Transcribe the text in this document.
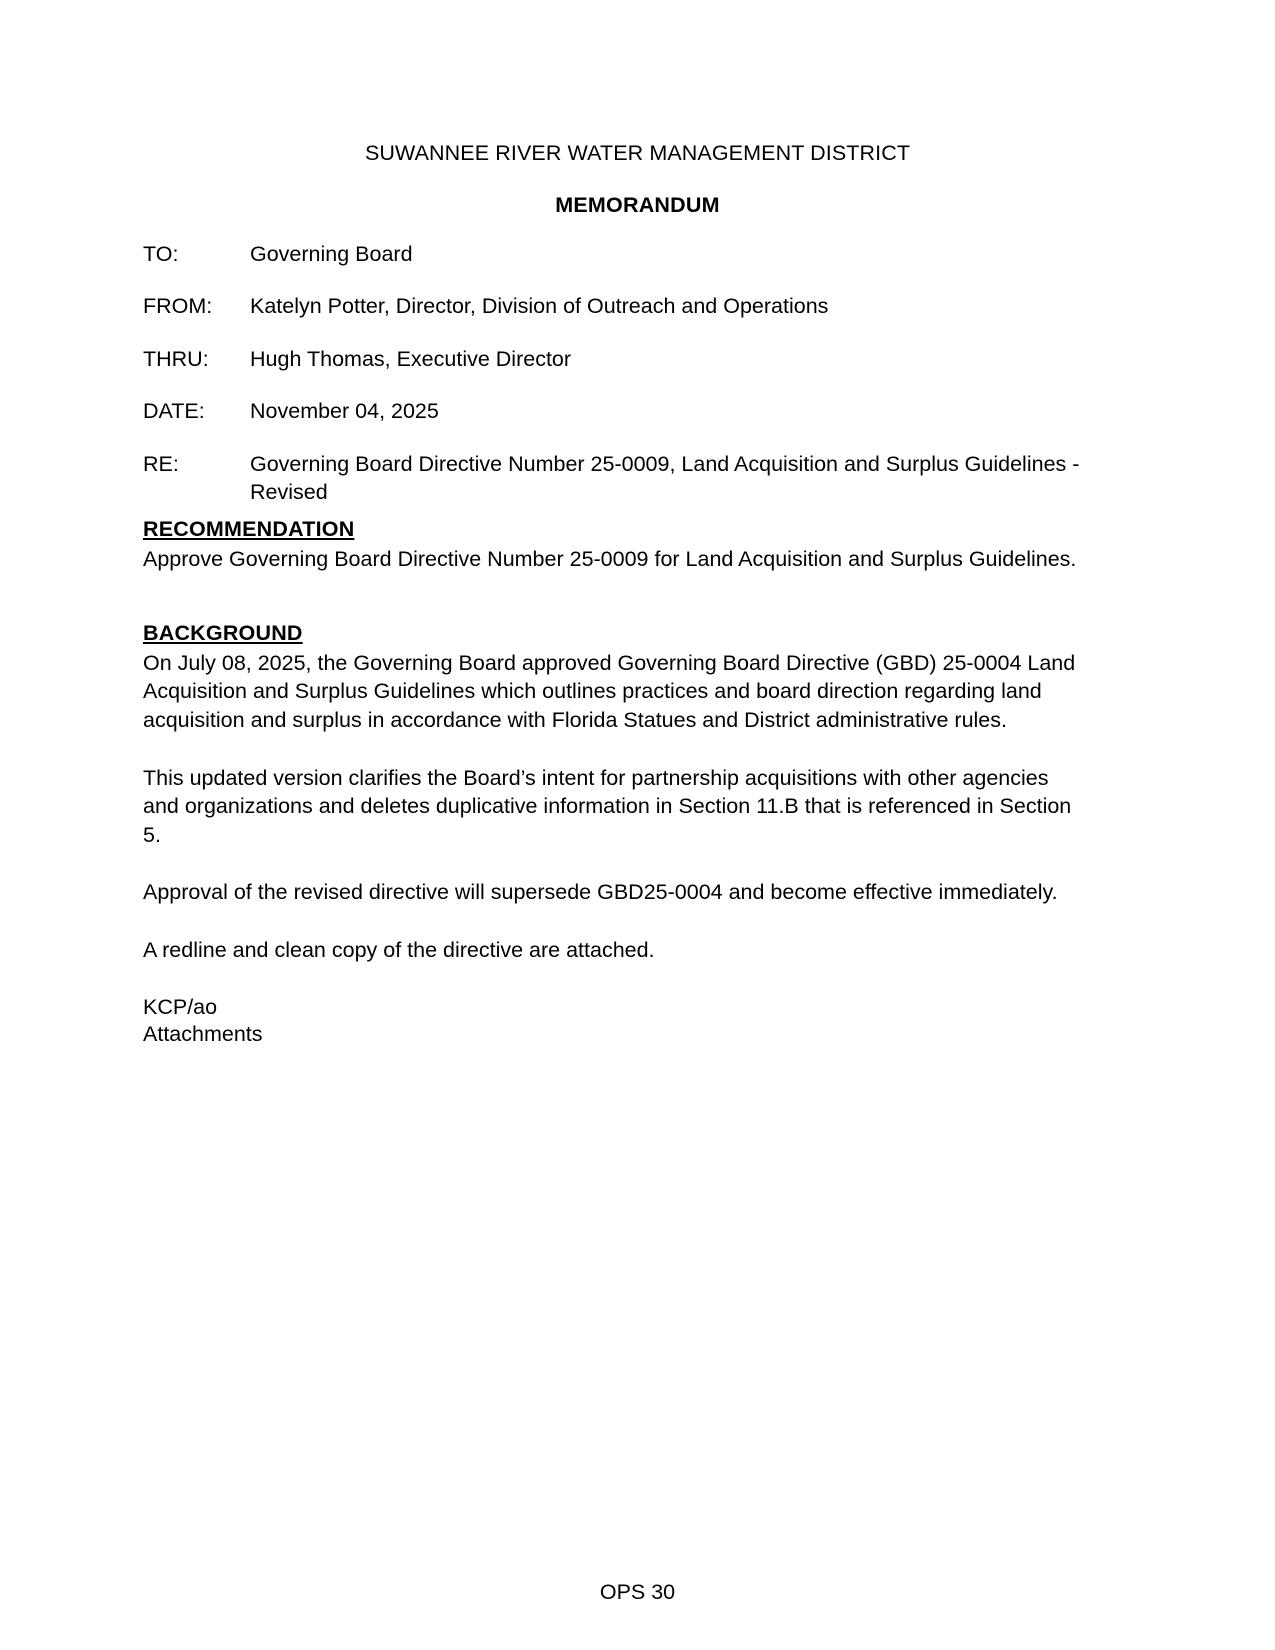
SUWANNEE RIVER WATER MANAGEMENT DISTRICT
MEMORANDUM
TO:	Governing Board
FROM:	Katelyn Potter, Director, Division of Outreach and Operations
THRU:	Hugh Thomas, Executive Director
DATE:	November 04, 2025
RE:	Governing Board Directive Number 25-0009, Land Acquisition and Surplus Guidelines - Revised
RECOMMENDATION

Approve Governing Board Directive Number 25-0009 for Land Acquisition and Surplus Guidelines.

BACKGROUND

On July 08, 2025, the Governing Board approved Governing Board Directive (GBD) 25-0004 Land Acquisition and Surplus Guidelines which outlines practices and board direction regarding land acquisition and surplus in accordance with Florida Statues and District administrative rules.

This updated version clarifies the Board’s intent for partnership acquisitions with other agencies and organizations and deletes duplicative information in Section 11.B that is referenced in Section 5.

Approval of the revised directive will supersede GBD25-0004 and become effective immediately.

A redline and clean copy of the directive are attached.

KCP/ao

Attachments

OPS 30
